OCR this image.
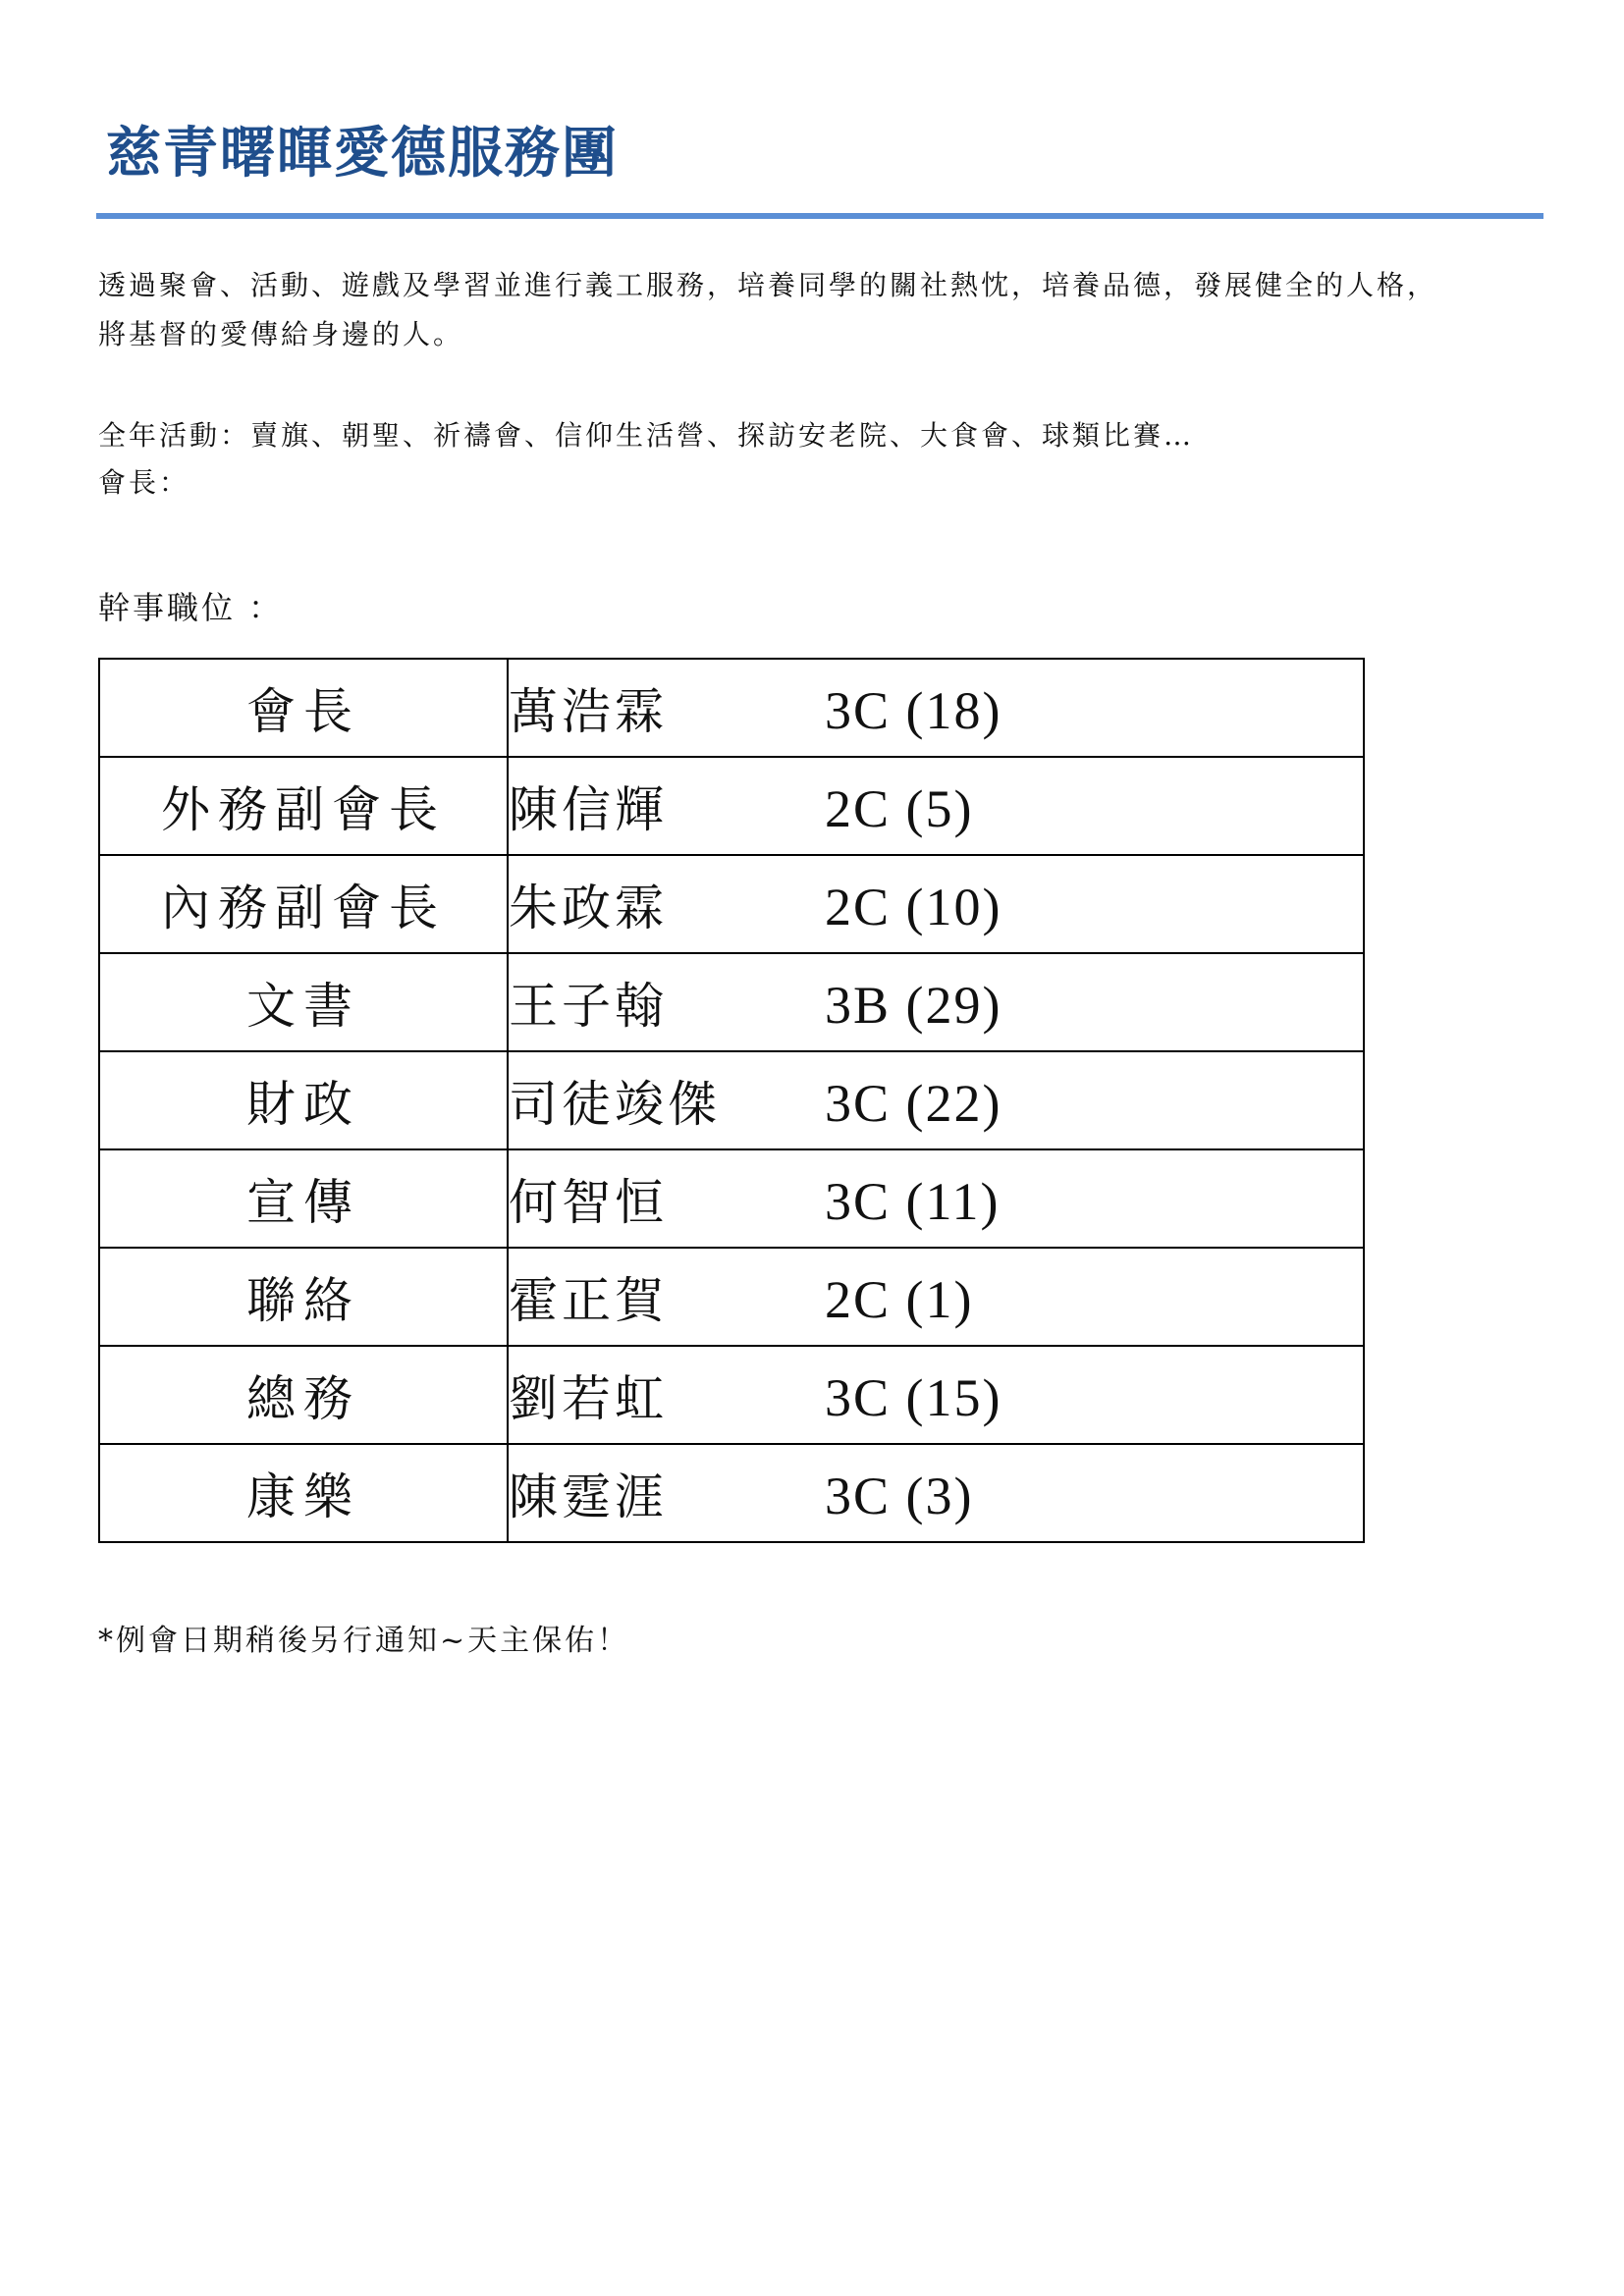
慈青曙暉愛德服務團
透過聚會、活動、遊戲及學習並進行義工服務，培養同學的關社熱忱，培養品德，發展健全的人格，
將基督的愛傳給身邊的人。
全年活動：賣旗、朝聖、祈禱會、信仰生活營、探訪安老院、大食會、球類比賽…
會長：
幹事職位 ：
會長	萬浩霖 3C (18)
外務副會長	陳信輝 2C (5)
內務副會長	朱政霖 2C (10)
文書	王子翰 3B (29)
財政	司徒竣傑 3C (22)
宣傳	何智恒 3C (11)
聯絡	霍正賀 2C (1)
總務	劉若虹 3C (15)
康樂	陳霆涯 3C (3)
*例會日期稍後另行通知~天主保佑！
